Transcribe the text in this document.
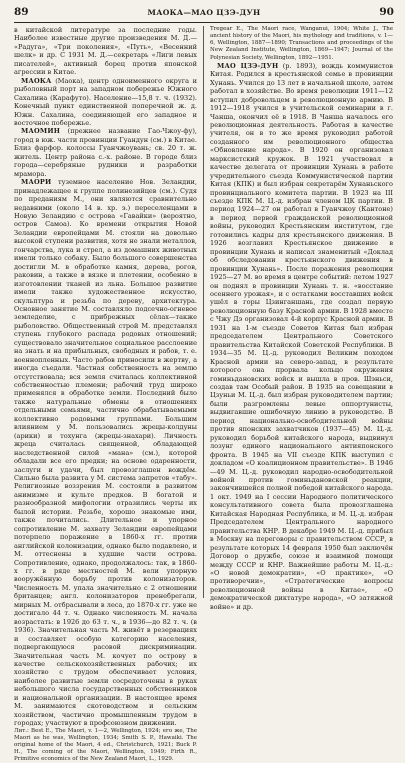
89	МАОКА—МАО ЦЗЭ-ДУН	90

в китайской литературе за последние годы. Наиболее известные другие произведения М. Д.— «Радуга», «Три поколения», «Путь», «Весенний шелк» и др. С 1931 М. Д.—секретарь «Лиги левых писателей», активный борец против японской агрессии в Китае.

МАОКА (Маока), центр одноименного округа и рыболовный порт на западном побережье Южного Сахалина (Карафуто). Население—15,8 т. ч. (1932). Конечный пункт единственной поперечной ж. д. Южн. Сахалина, соединяющей его западное и восточное побережье.

МАОМИН (прежнее название Гао-Чжоу-фу), город в юж. части провинции Гуандун (см.) в Китае. Близ фарфор. колоссы Гуанчжоувань; св. 20 т. ж. житель. Центр района с.-х. районе. В городе близ города—серебряные рудники и разработки мрамора.

МАОРИ туземное население Нов. Зеландии, принадлежащее к группе полинезийцев (см.). Судя по преданиям М., они являются сравнительно недавними (около 14 в. хр. э.) переселенцами в Новую Зеландию с острова «Гавайки» (вероятно, остров Самоа). Ко времени открытия Новой Зеландии европейцами М. стояли на довольно высокой ступени развития, хотя не знали металлов, гончарства, лука и стрел, а из домашних животных имели только собаку. Было большого совершенства достигли М. в обработке камня, дерева, рогов, раковин, а также в вязке и плетении, особенно в изготовлении тканей из льна. Большое развитие имели также художественное искусство, скульптура и резьба по дереву, архитектура. Основное занятие М. составляло подсечно-огневое земледелие, с прибрежных сёлах—также рыболовство. Общественный строй М. представлял ступень глубокого распада родовых отношений; существовало значительное социальное расслоение на знать и на прибыльных, свободных и рабов, т. е. военнопленных. Часто рабов приносили в жертву, а иногда съедали. Частная собственность на землю отсутствовала; вся земля считалась коллективной собственностью племени; рабочий труд широко применялся в обработке земли. Последний было также натуральные обмены в отношениях отдельными семьями, частично обрабатываемыми коллективно родовыми группами. Большим влиянием у М. пользовались жрецы-колдуны (арики) и тохунга (жрецы-знахари). Личность жреца считалась священной, обладающей наследственной силой «мана» (см.), которой обладали все его предки; на основе одаренности, заслуги и удачи, был провозглашен вождём. Сильно была развита у М. система запретов «табу». Религиозные воззрения М. состояли в развитом анимизме и культе предков. В богатой и разнообразной мифологии отразились черты их былой истории. Резьбе, хорошо знакомые ими, также почитались. Длительное и упорное сопротивление М. захвату Зеландии европейцами потерпело поражение в 1860-х гг. против английской колонизации, однако было подавлено, и М. оттеснены в худшие части острова. Сопротивление, однако, продолжалось: так, в 1860-х гг. в ряде местностей М. вели упорную вооружённую борьбу против колонизаторов. Численность М. упала значительно с 2 отношении британцев; англ. колонизаторов пренебрегали, мирных М. отбрасывали в леса, до 1870-х гг. уже не достигало 44 т. ч. Однако численность М. начала возрастать: в 1926 до 63 т. ч., в 1936—до 82 т. ч. (в 1936). Значительная часть М. живёт в резервациях и составляет особую категорию населения, подвергающуюся расовой дискриминации. Значительная часть М. кочует по острову в качестве сельскохозяйственных рабочих; их хозяйство с трудом обеспечивает условия, наиболее развитые земли сосредоточены в руках небольшого числа государственных собственников и национальной организации. В настоящее время М. занимаются скотоводством и сельским хозяйством, частично промышленным трудом в городах; участвуют в профсоюзном движении.

Лит.: Best E., The Maori, v. 1—2, Wellington, 1924; его же, The Maori as he was, Wellington, 1934; Smith S. P., Hawaiki. The original home of the Maori, 4 ed., Christchurch, 1921; Buck P. H., The coming of the Maori, Wellington, 1949; Firth R., Primitive economics of the New Zealand Maori, L., 1929.

Tregear E., The Maori race, Wanganui, 1904; White J., The ancient history of the Maori, his mythology and traditions, v. 1—6, Wellington, 1887—1890; Transactions and proceedings of the New Zealand Institute, Wellington, 1869—1947; Journal of the Polynesian Society, Wellington, 1892—1951.

МАО ЦЗЭ-ДУН (р. 1893), вождь коммунистов Китая. Родился в крестьянской семье в провинции Хунань. Учился до 13 лет в начальной школе, затем работал в хозяйстве. Во время революции 1911—12 вступил добровольцем в революционную армию. В 1912—1918 учился в учительской семинарии в г. Чанша, окончил её в 1918. В Чанша началось его революционная деятельность. Работая в качестве учителя, он в то же время руководил работой созданного им революционного общества «Обновление народа». В 1920 он организовал марксистский кружок. В 1921 участвовал в качестве делегата от провинции Хунань в работе учредительного съезда Коммунистической партии Китая (КПК) и был избран секретарём Хунаньского провинциального комитета партии. В 1923 на III съезде КПК М. Ц.-д. избран членом ЦК партии. В период 1924—27 он работал в Гуанчжоу (Кантоне) в период первой гражданской революционной войны, руководил Крестьянским институтом, где готовились кадры для крестьянского движения. В 1926 возглавил Крестьянское движение в провинции Хунань и написал знаменитый «Доклад об обследовании крестьянского движения в провинции Хунань». После поражения революции 1925—27 М. во время в центре событий: летом 1927 он поднял в провинции Хунань т. н. «восстание осеннего урожая», и с остатками восставших войск ушёл в горы Цзинганшань, где создал первую революционную базу Красной армии. В 1928 вместе с Чжу Дэ организовал 4-й корпус Красной армии. В 1931 на 1-м съезде Советов Китая был избран председателем Центрального Советского правительства Китайской Советской Республики. В 1934—35 М. Ц.-д. руководил Великим походом Красной армии на северо-запад, в результате которого она прорвала кольцо окружения гоминьдановских войск и вышла в пров. Шэньси, создав там Особый район. В 1935 на совещании в Цзуньи М. Ц.-д. был избран руководителем партии; были разгромлены левые оппортунисты, выдвигавшие ошибочную линию в руководстве. В период национально-освободительной войны против японских захватчиков (1937—45) М. Ц.-д. руководил борьбой китайского народа, выдвинул лозунг единого национального антияпонского фронта. В 1945 на VII съезде КПК выступил с докладом «О коалиционном правительстве». В 1946—49 М. Ц.-д. руководил народно-освободительной войной против гоминьдановской реакции, закончившейся полной победой китайского народа. 1 окт. 1949 на I сессии Народного политического консультативного совета была провозглашена Китайская Народная Республика, и М. Ц.-д. избран Председателем Центрального народного правительства КНР. В декабре 1949 М. Ц.-д. прибыл в Москву на переговоры с правительством СССР, в результате которых 14 февраля 1950 был заключён Договор о дружбе, союзе и взаимной помощи между СССР и КНР. Важнейшие работы М. Ц.-д.: «О новой демократии», «О практике», «О противоречии», «Стратегические вопросы революционной войны в Китае», «О демократической диктатуре народа», «О затяжной войне» и др.
